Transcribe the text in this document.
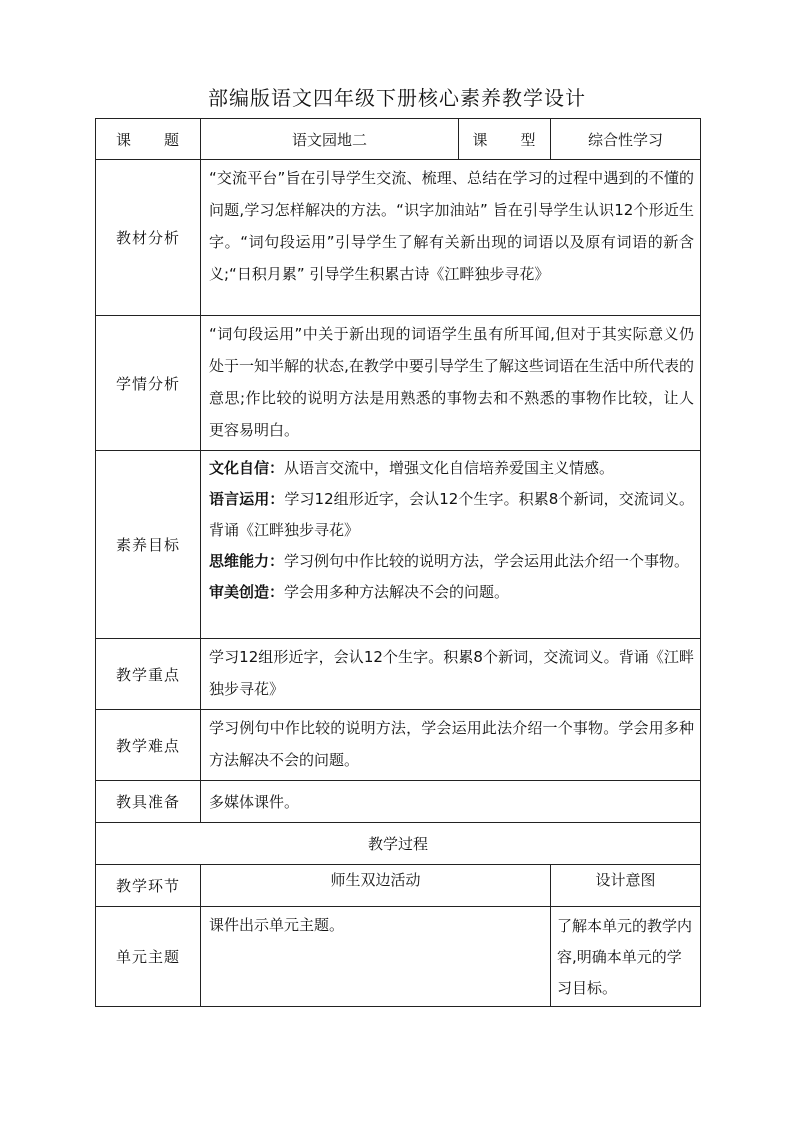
部编版语文四年级下册核心素养教学设计
课　　题	语文园地二	课　　型	综合性学习
教材分析	“交流平台”旨在引导学生交流、梳理、总结在学习的过程中遇到的不懂的问题,学习怎样解决的方法。“识字加油站” 旨在引导学生认识12个形近生字。“词句段运用”引导学生了解有关新出现的词语以及原有词语的新含义;“日积月累” 引导学生积累古诗《江畔独步寻花》		
学情分析	“词句段运用”中关于新出现的词语学生虽有所耳闻,但对于其实际意义仍处于一知半解的状态,在教学中要引导学生了解这些词语在生活中所代表的意思;作比较的说明方法是用熟悉的事物去和不熟悉的事物作比较，让人更容易明白。		
素养目标	文化自信：从语言交流中，增强文化自信培养爱国主义情感。
语言运用：学习12组形近字，会认12个生字。积累8个新词，交流词义。背诵《江畔独步寻花》
思维能力：学习例句中作比较的说明方法，学会运用此法介绍一个事物。
审美创造：学会用多种方法解决不会的问题。		

教学重点	学习12组形近字，会认12个生字。积累8个新词，交流词义。背诵《江畔独步寻花》		
教学难点	学习例句中作比较的说明方法，学会运用此法介绍一个事物。学会用多种方法解决不会的问题。		
教具准备	多媒体课件。		
教学过程			
教学环节	师生双边活动		设计意图
单元主题	课件出示单元主题。		了解本单元的教学内容,明确本单元的学习目标。
